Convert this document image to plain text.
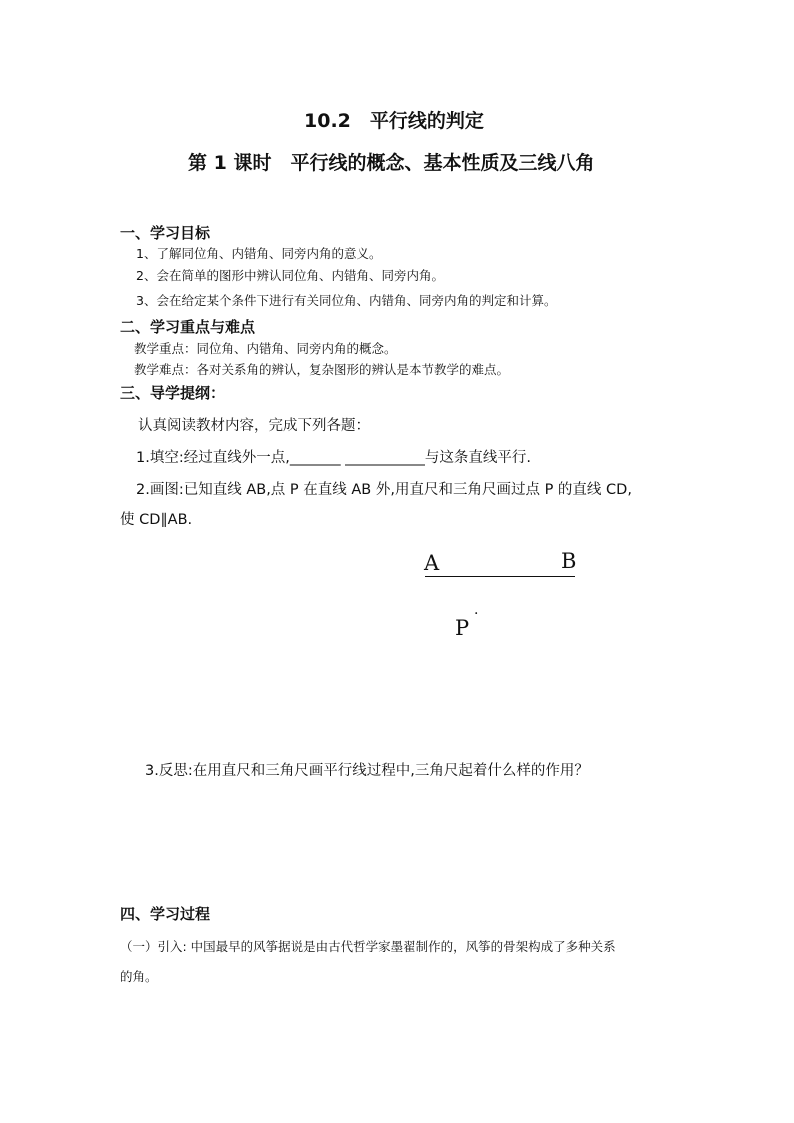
10.2　平行线的判定
第 1 课时　平行线的概念、基本性质及三线八角
一、学习目标
1、了解同位角、内错角、同旁内角的意义。
2、会在简单的图形中辨认同位角、内错角、同旁内角。
3、会在给定某个条件下进行有关同位角、内错角、同旁内角的判定和计算。
二、学习重点与难点
教学重点：同位角、内错角、同旁内角的概念。
教学难点：各对关系角的辨认，复杂图形的辨认是本节教学的难点。
三、导学提纲：
认真阅读教材内容，完成下列各题：
1.填空:经过直线外一点,_______ ___________与这条直线平行.
2.画图:已知直线 AB,点 P 在直线 AB 外,用直尺和三角尺画过点 P 的直线 CD,
使 CD∥AB.
A	B
P
·
3.反思:在用直尺和三角尺画平行线过程中,三角尺起着什么样的作用？
四、学习过程
（一）引入: 中国最早的风筝据说是由古代哲学家墨翟制作的，风筝的骨架构成了多种关系
的角。
